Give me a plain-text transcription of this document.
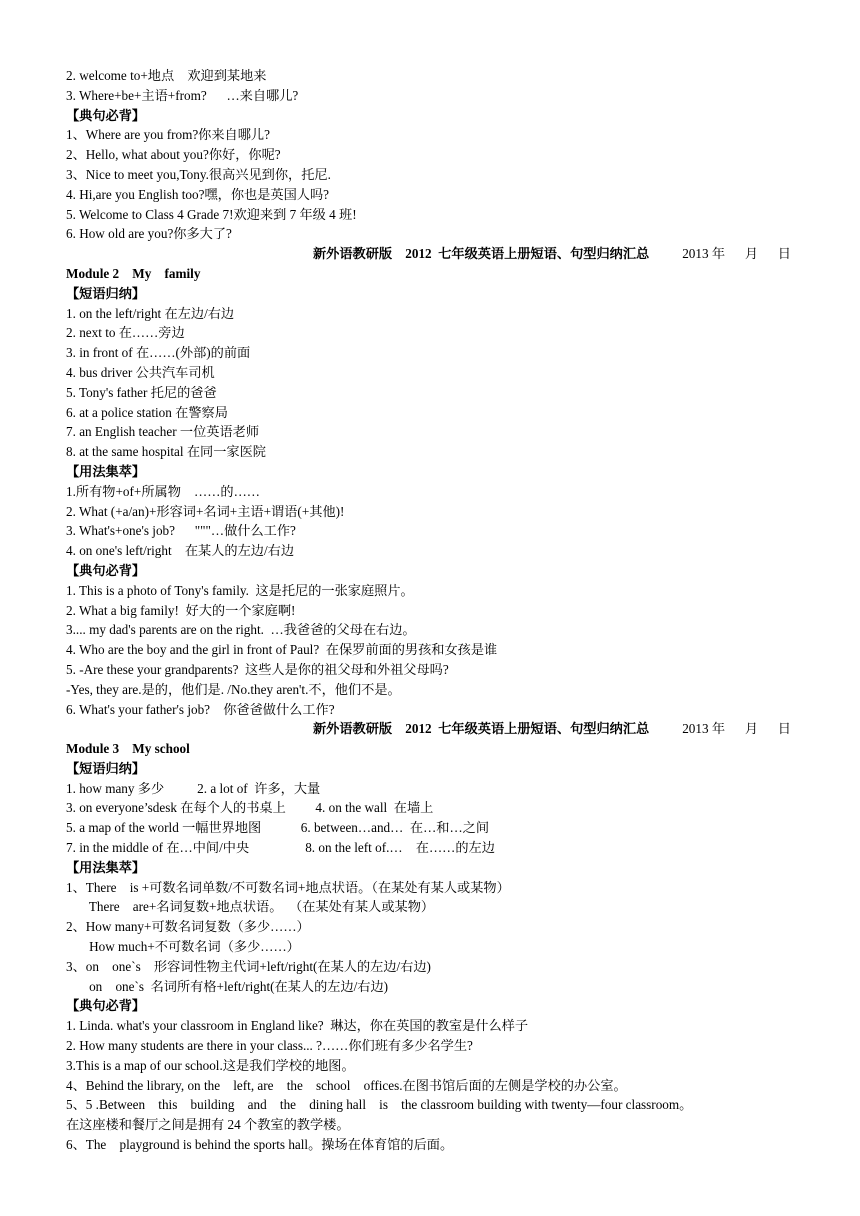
2. welcome to+地点    欢迎到某地来
3. Where+be+主语+from?      …来自哪儿?
【典句必背】
1、Where are you from?你来自哪儿?
2、Hello, what about you?你好，你呢?
3、Nice to meet you,Tony.很高兴见到你，托尼.
4. Hi,are you English too?嘿，你也是英国人吗?
5. Welcome to Class 4 Grade 7!欢迎来到 7 年级 4 班!
6. How old are you?你多大了?
新外语教研版    2012  七年级英语上册短语、句型归纳汇总 2013 年      月      日
Module 2    My    family
【短语归纳】
1. on the left/right 在左边/右边
2. next to 在……旁边
3. in front of 在……(外部)的前面
4. bus driver 公共汽车司机
5. Tony's father 托尼的爸爸
6. at a police station 在警察局
7. an English teacher 一位英语老师
8. at the same hospital 在同一家医院
【用法集萃】
1.所有物+of+所属物    ……的……
2. What (+a/an)+形容词+名词+主语+谓语(+其他)!
3. What's+one's job?      """…做什么工作?
4. on one's left/right    在某人的左边/右边
【典句必背】
1. This is a photo of Tony's family.  这是托尼的一张家庭照片。
2. What a big family!  好大的一个家庭啊!
3.... my dad's parents are on the right.  …我爸爸的父母在右边。
4. Who are the boy and the girl in front of Paul?  在保罗前面的男孩和女孩是谁
5. -Are these your grandparents?  这些人是你的祖父母和外祖父母吗?
-Yes, they are.是的，他们是. /No.they aren't.不，他们不是。
6. What's your father's job?    你爸爸做什么工作?
新外语教研版    2012  七年级英语上册短语、句型归纳汇总 2013 年      月      日
Module 3    My school
【短语归纳】
1. how many 多少          2. a lot of  许多，大量
3. on everyone’sdesk 在每个人的书桌上         4. on the wall  在墙上
5. a map of the world 一幅世界地图            6. between…and…  在…和…之间
7. in the middle of 在…中间/中央                 8. on the left of.…    在……的左边
【用法集萃】
1、There    is +可数名词单数/不可数名词+地点状语。（在某处有某人或某物）
There    are+名词复数+地点状语。  （在某处有某人或某物）
2、How many+可数名词复数（多少……）
How much+不可数名词（多少……）
3、on    one`s    形容词性物主代词+left/right(在某人的左边/右边)
on    one`s  名词所有格+left/right(在某人的左边/右边)
【典句必背】
1. Linda. what's your classroom in England like?  琳达，你在英国的教室是什么样子
2. How many students are there in your class... ?……你们班有多少名学生?
3.This is a map of our school.这是我们学校的地图。
4、Behind the library, on the    left, are    the    school    offices.在图书馆后面的左侧是学校的办公室。
5、5 .Between    this    building    and    the    dining hall    is    the classroom building with twenty—four classroom。
在这座楼和餐厅之间是拥有 24 个教室的教学楼。
6、The    playground is behind the sports hall。操场在体育馆的后面。
